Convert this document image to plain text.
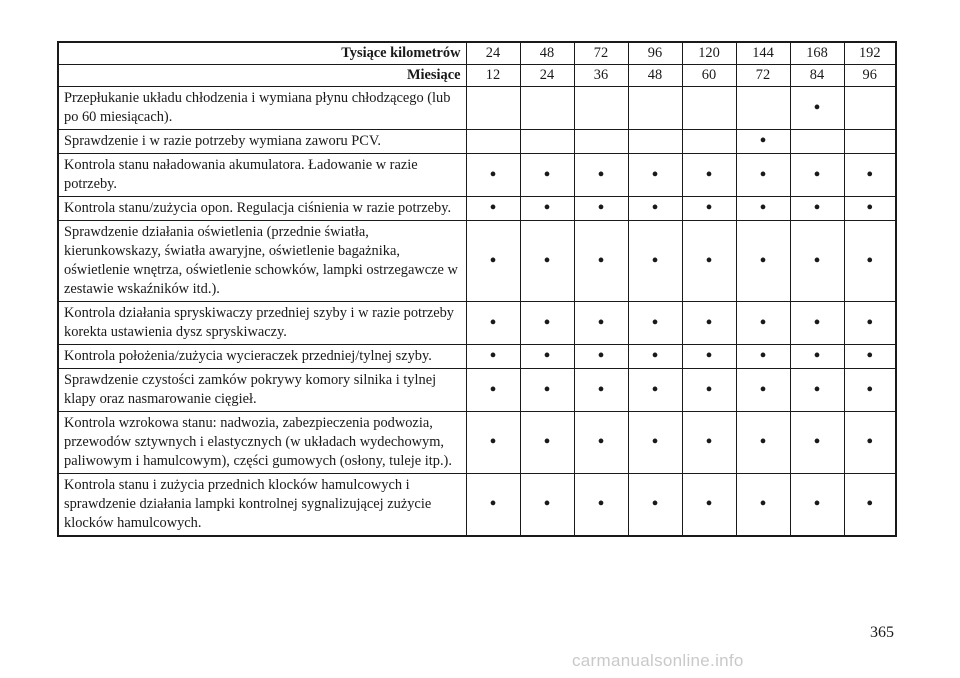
Tysiące kilometrów	24	48	72	96	120	144	168	192
Miesiące	12	24	36	48	60	72	84	96
Przepłukanie układu chłodzenia i wymiana płynu chłodzącego (lub po 60 miesiącach).							•	
Sprawdzenie i w razie potrzeby wymiana zaworu PCV.						•		
Kontrola stanu naładowania akumulatora. Ładowanie w razie potrzeby.	•	•	•	•	•	•	•	•
Kontrola stanu/zużycia opon. Regulacja ciśnienia w razie potrzeby.	•	•	•	•	•	•	•	•
Sprawdzenie działania oświetlenia (przednie światła, kierunkowskazy, światła awaryjne, oświetlenie bagażnika, oświetlenie wnętrza, oświetlenie schowków, lampki ostrzegawcze w zestawie wskaźników itd.).	•	•	•	•	•	•	•	•
Kontrola działania spryskiwaczy przedniej szyby i w razie potrzeby korekta ustawienia dysz spryskiwaczy.	•	•	•	•	•	•	•	•
Kontrola położenia/zużycia wycieraczek przedniej/tylnej szyby.	•	•	•	•	•	•	•	•
Sprawdzenie czystości zamków pokrywy komory silnika i tylnej klapy oraz nasmarowanie cięgieł.	•	•	•	•	•	•	•	•
Kontrola wzrokowa stanu: nadwozia, zabezpieczenia podwozia, przewodów sztywnych i elastycznych (w układach wydechowym, paliwowym i hamulcowym), części gumowych (osłony, tuleje itp.).	•	•	•	•	•	•	•	•
Kontrola stanu i zużycia przednich klocków hamulcowych i sprawdzenie działania lampki kontrolnej sygnalizującej zużycie klocków hamulcowych.	•	•	•	•	•	•	•	•
365
carmanualsonline.info
